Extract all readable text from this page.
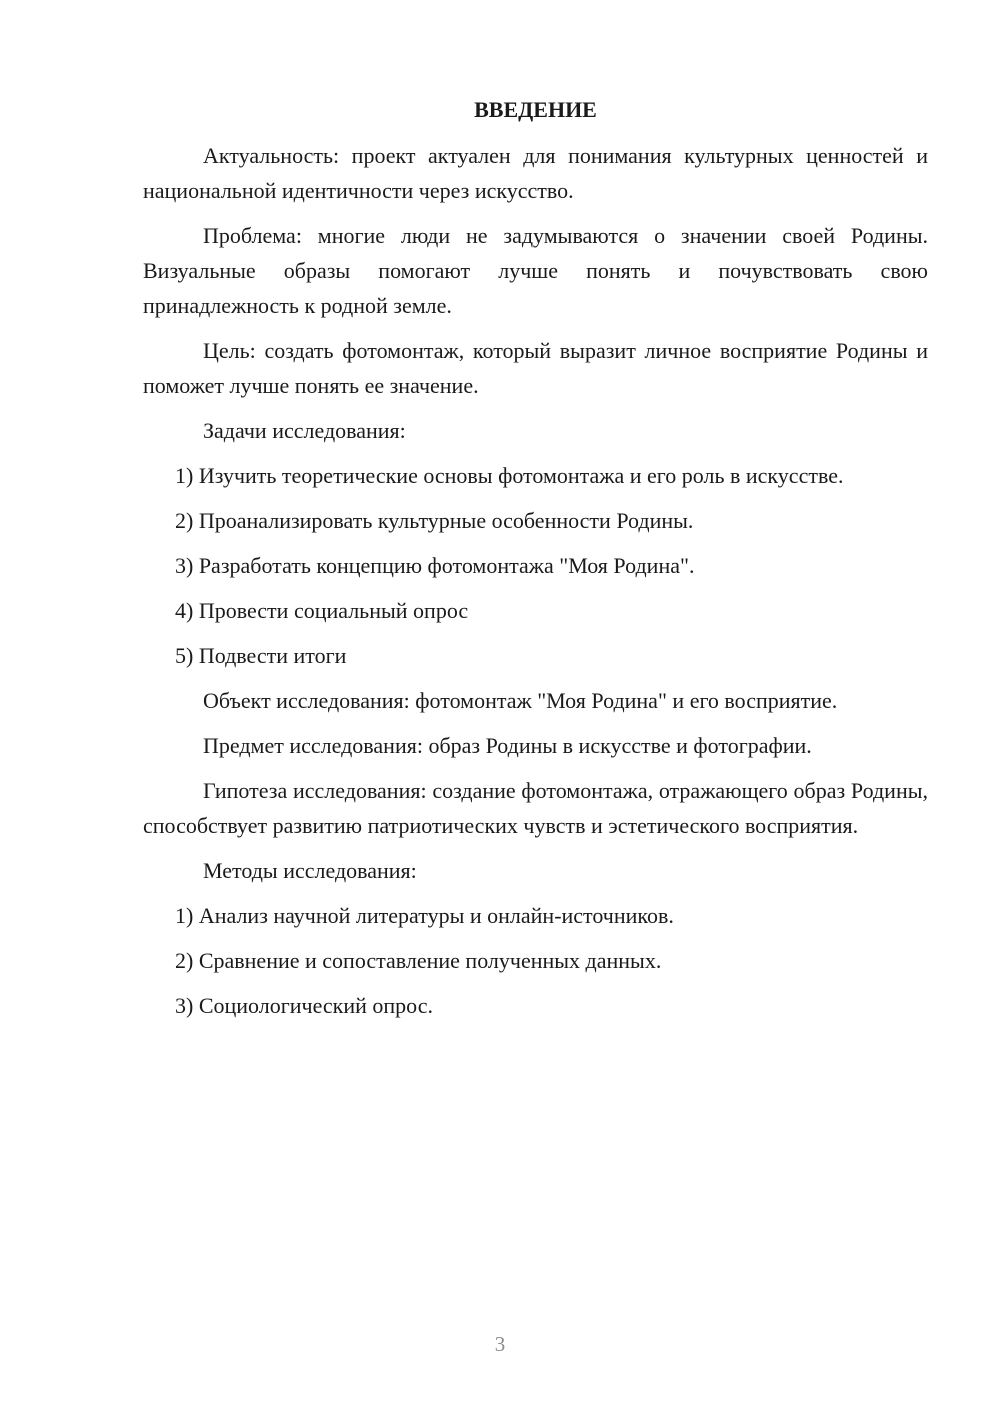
ВВЕДЕНИЕ
Актуальность: проект актуален для понимания культурных ценностей и национальной идентичности через искусство.
Проблема: многие люди не задумываются о значении своей Родины. Визуальные образы помогают лучше понять и почувствовать свою принадлежность к родной земле.
Цель: создать фотомонтаж, который выразит личное восприятие Родины и поможет лучше понять ее значение.
Задачи исследования:
1) Изучить теоретические основы фотомонтажа и его роль в искусстве.
2) Проанализировать культурные особенности Родины.
3) Разработать концепцию фотомонтажа "Моя Родина".
4) Провести социальный опрос
5) Подвести итоги
Объект исследования: фотомонтаж "Моя Родина" и его восприятие.
Предмет исследования: образ Родины в искусстве и фотографии.
Гипотеза исследования: создание фотомонтажа, отражающего образ Родины, способствует развитию патриотических чувств и эстетического восприятия.
Методы исследования:
1) Анализ научной литературы и онлайн-источников.
2) Сравнение и сопоставление полученных данных.
3) Социологический опрос.
3
